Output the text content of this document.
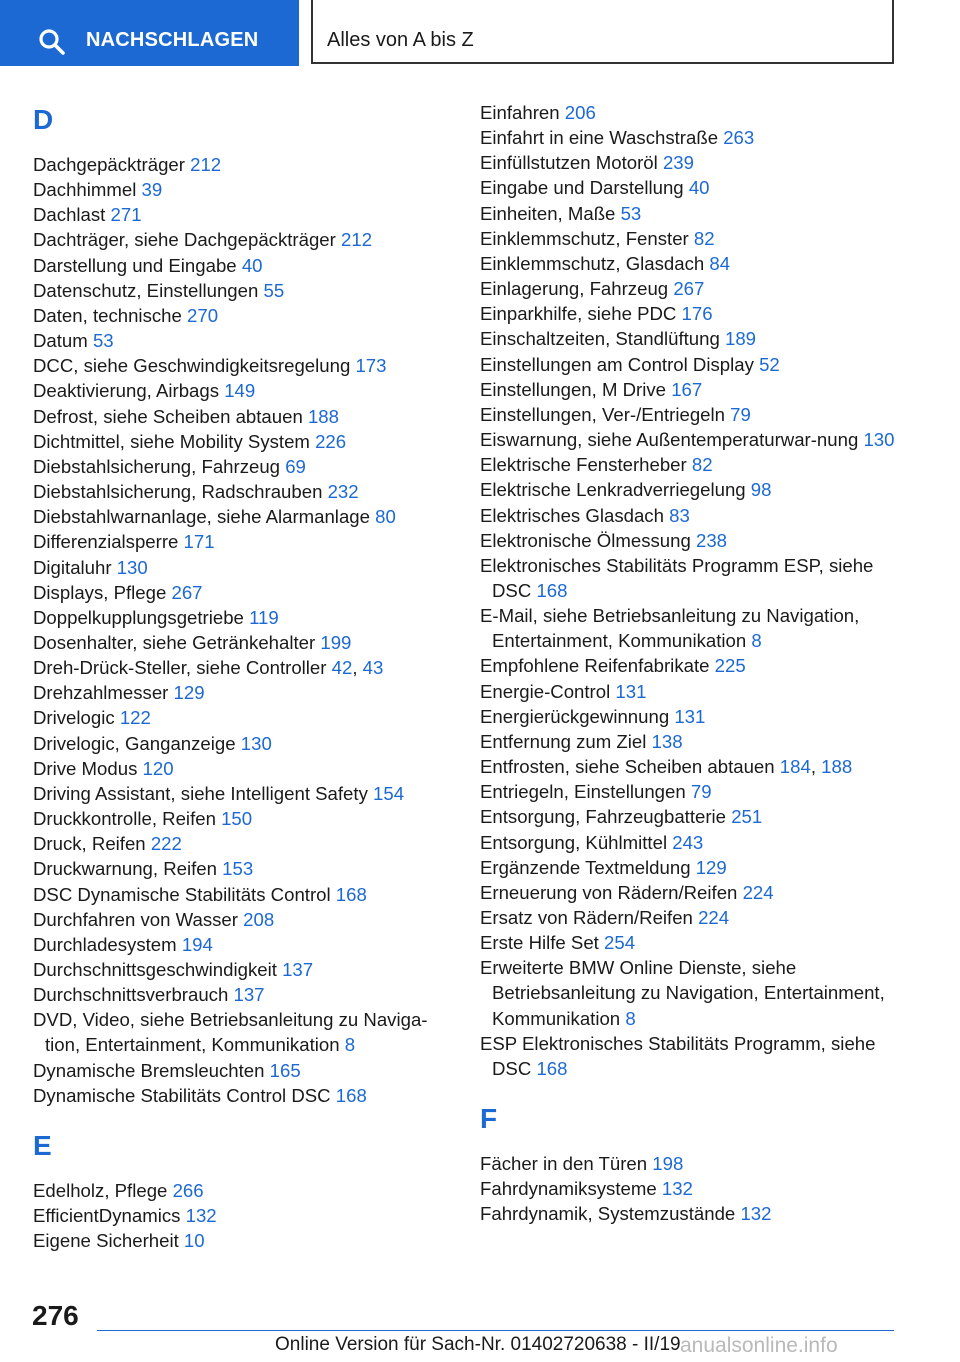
NACHSCHLAGEN	Alles von A bis Z
D
Dachgepäckträger 212
Dachhimmel 39
Dachlast 271
Dachträger, siehe Dachgepäckträger 212
Darstellung und Eingabe 40
Datenschutz, Einstellungen 55
Daten, technische 270
Datum 53
DCC, siehe Geschwindigkeitsregelung 173
Deaktivierung, Airbags 149
Defrost, siehe Scheiben abtauen 188
Dichtmittel, siehe Mobility System 226
Diebstahlsicherung, Fahrzeug 69
Diebstahlsicherung, Radschrauben 232
Diebstahlwarnanlage, siehe Alarmanlage 80
Differenzialsperre 171
Digitaluhr 130
Displays, Pflege 267
Doppelkupplungsgetriebe 119
Dosenhalter, siehe Getränkehalter 199
Dreh-Drück-Steller, siehe Controller 42, 43
Drehzahlmesser 129
Drivelogic 122
Drivelogic, Ganganzeige 130
Drive Modus 120
Driving Assistant, siehe Intelligent Safety 154
Druckkontrolle, Reifen 150
Druck, Reifen 222
Druckwarnung, Reifen 153
DSC Dynamische Stabilitäts Control 168
Durchfahren von Wasser 208
Durchladesystem 194
Durchschnittsgeschwindigkeit 137
Durchschnittsverbrauch 137
DVD, Video, siehe Betriebsanleitung zu Naviga-tion, Entertainment, Kommunikation 8
Dynamische Bremsleuchten 165
Dynamische Stabilitäts Control DSC 168
E
Edelholz, Pflege 266
EfficientDynamics 132
Eigene Sicherheit 10
Einfahren 206
Einfahrt in eine Waschstraße 263
Einfüllstutzen Motoröl 239
Eingabe und Darstellung 40
Einheiten, Maße 53
Einklemmschutz, Fenster 82
Einklemmschutz, Glasdach 84
Einlagerung, Fahrzeug 267
Einparkhilfe, siehe PDC 176
Einschaltzeiten, Standlüftung 189
Einstellungen am Control Display 52
Einstellungen, M Drive 167
Einstellungen, Ver-/Entriegeln 79
Eiswarnung, siehe Außentemperaturwar-nung 130
Elektrische Fensterheber 82
Elektrische Lenkradverriegelung 98
Elektrisches Glasdach 83
Elektronische Ölmessung 238
Elektronisches Stabilitäts Programm ESP, siehe DSC 168
E-Mail, siehe Betriebsanleitung zu Navigation, Entertainment, Kommunikation 8
Empfohlene Reifenfabrikate 225
Energie-Control 131
Energierückgewinnung 131
Entfernung zum Ziel 138
Entfrosten, siehe Scheiben abtauen 184, 188
Entriegeln, Einstellungen 79
Entsorgung, Fahrzeugbatterie 251
Entsorgung, Kühlmittel 243
Ergänzende Textmeldung 129
Erneuerung von Rädern/Reifen 224
Ersatz von Rädern/Reifen 224
Erste Hilfe Set 254
Erweiterte BMW Online Dienste, siehe Betriebsanleitung zu Navigation, Entertainment, Kommunikation 8
ESP Elektronisches Stabilitäts Programm, siehe DSC 168
F
Fächer in den Türen 198
Fahrdynamiksysteme 132
Fahrdynamik, Systemzustände 132
276
Online Version für Sach-Nr. 01402720638 - II/19 anualsonline.info
